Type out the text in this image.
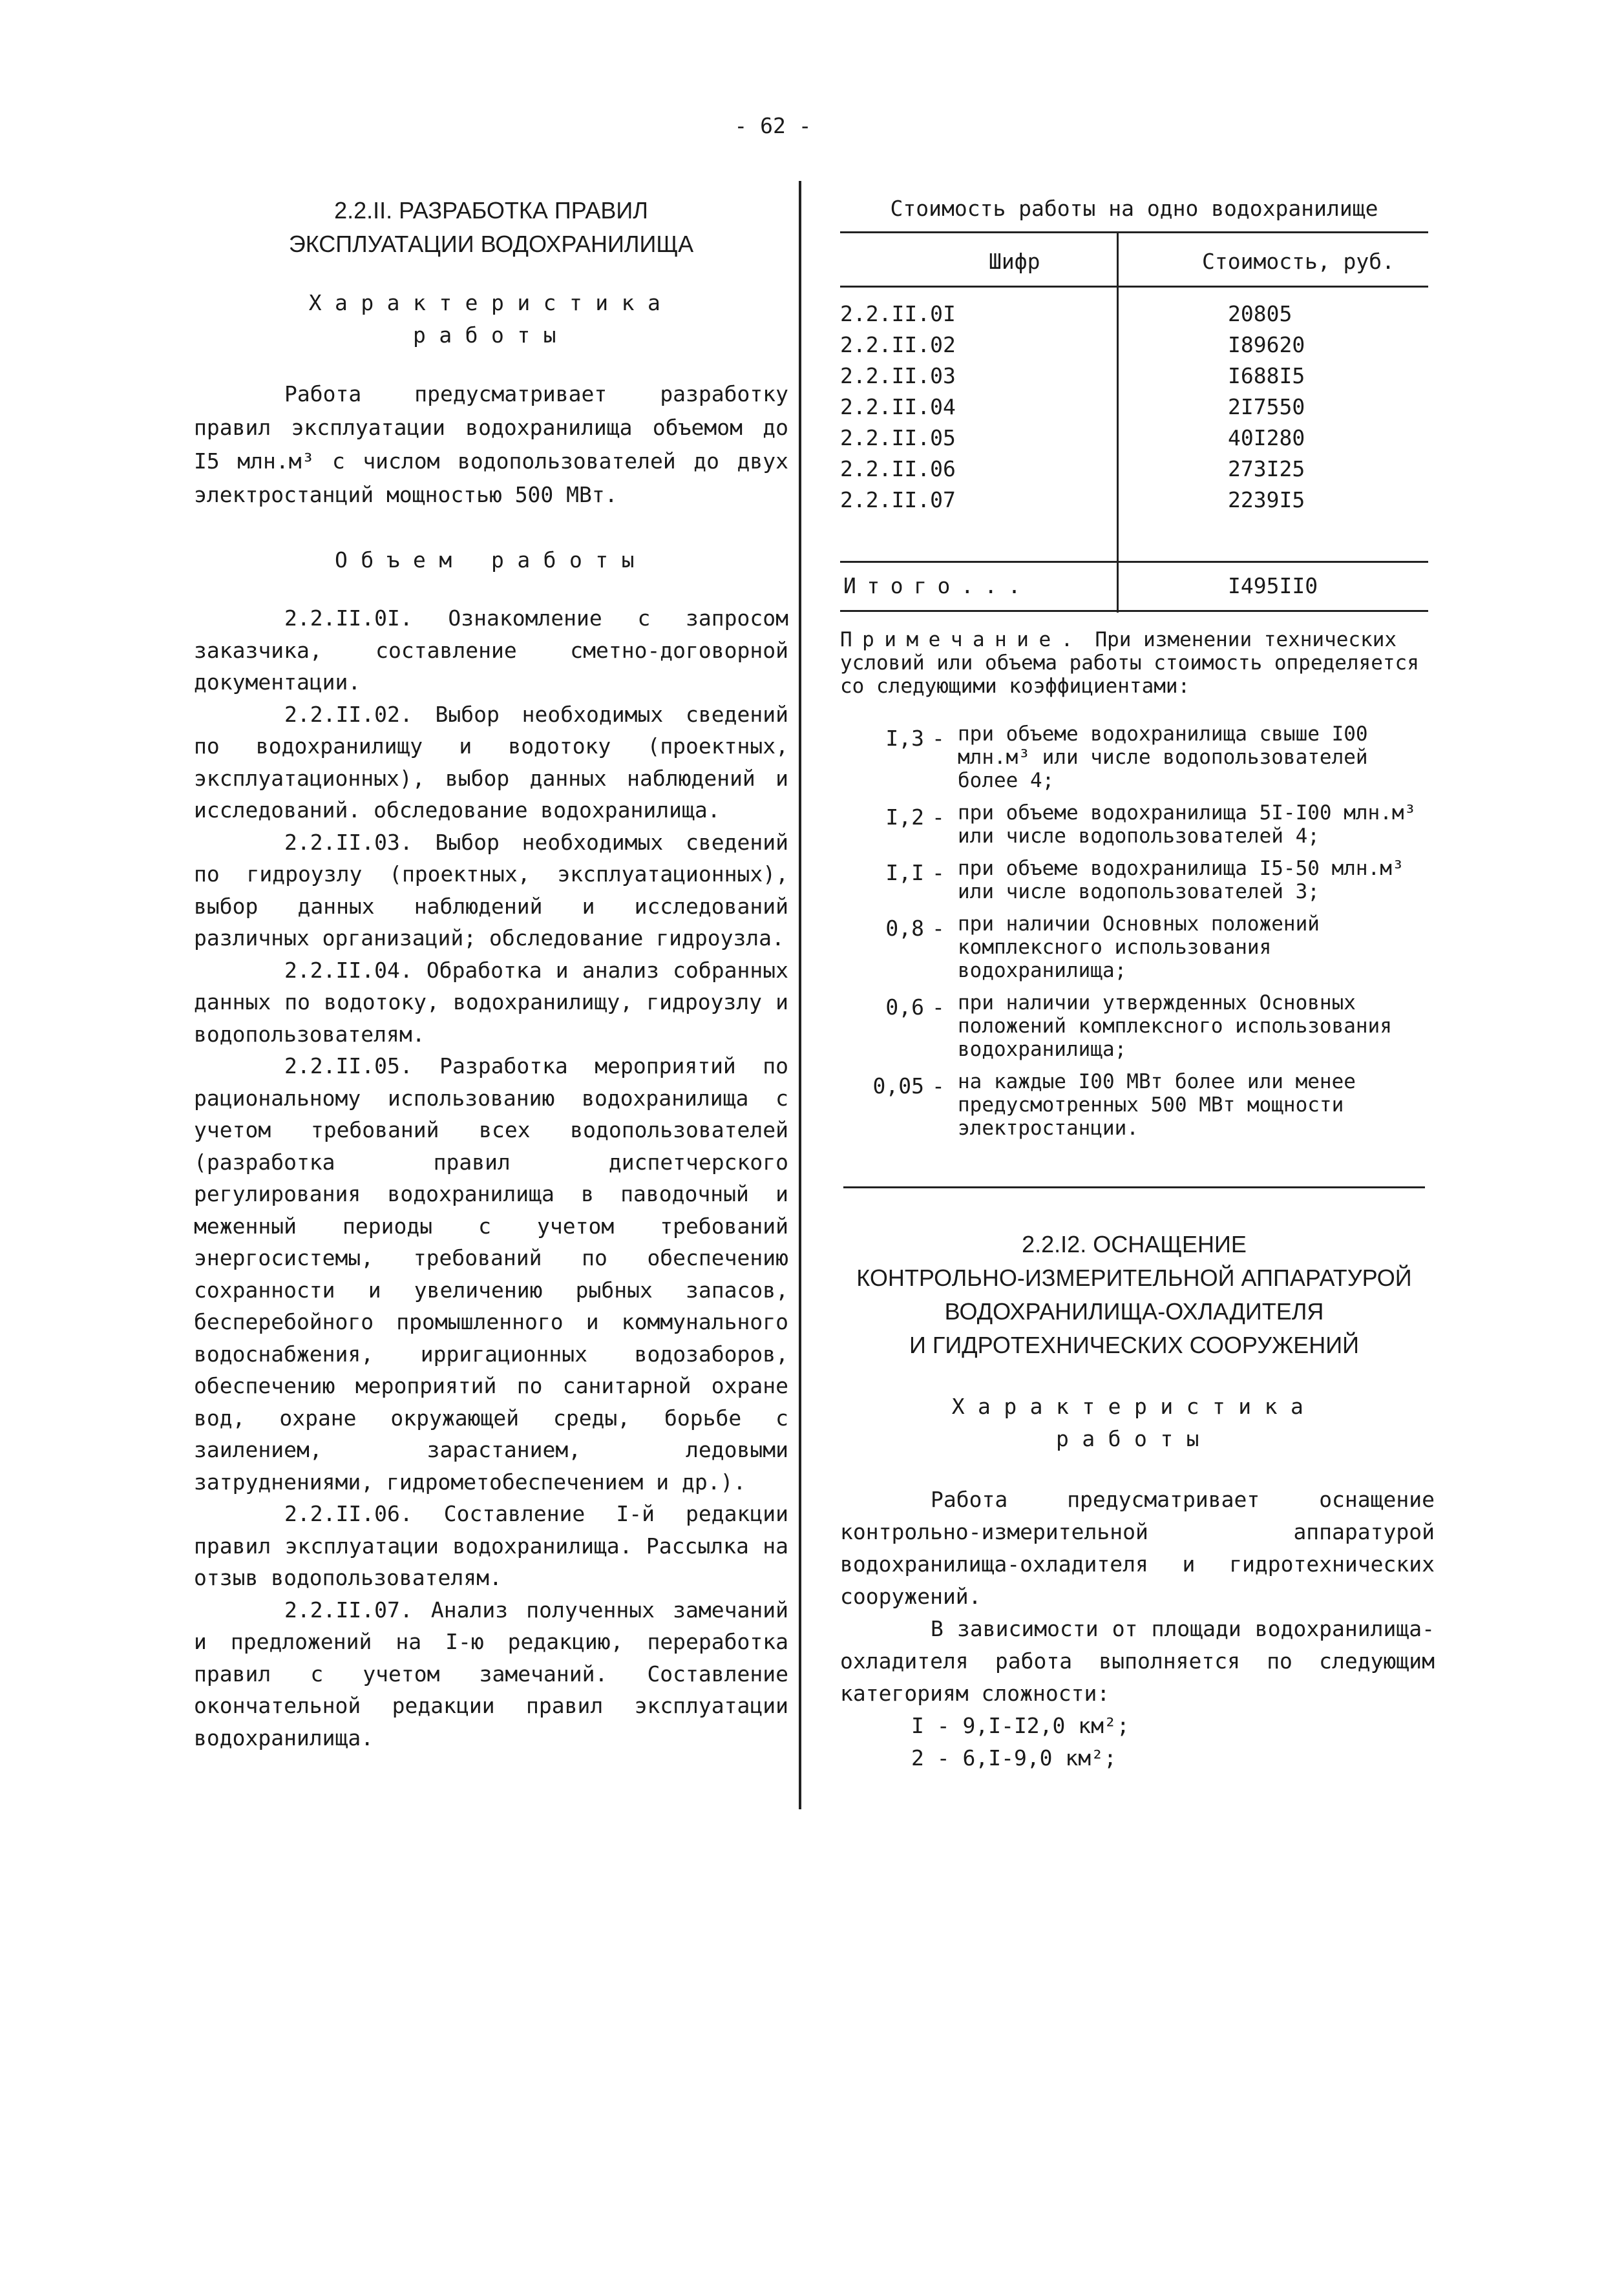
- 62 -
2.2.II. РАЗРАБОТКА ПРАВИЛ
ЭКСПЛУАТАЦИИ ВОДОХРАНИЛИЩА
Характеристика
работы

Работа предусматривает разработку правил эксплуатации водохранилища объемом до I5 млн.м³ с числом водопользователей до двух электростанций мощностью 500 МВт.

Объем работы

2.2.II.0I. Ознакомление с запросом заказчика, составление сметно-договорной документации.

2.2.II.02. Выбор необходимых сведений по водохранилищу и водотоку (проектных, эксплуатационных), выбор данных наблюдений и исследований. обследование водохранилища.

2.2.II.03. Выбор необходимых сведений по гидроузлу (проектных, эксплуатационных), выбор данных наблюдений и исследований различных организаций; обследование гидроузла.

2.2.II.04. Обработка и анализ собранных данных по водотоку, водохранилищу, гидроузлу и водопользователям.

2.2.II.05. Разработка мероприятий по рациональному использованию водохранилища с учетом требований всех водопользователей (разработка правил диспетчерского регулирования водохранилища в паводочный и меженный периоды с учетом требований энергосистемы, требований по обеспечению сохранности и увеличению рыбных запасов, бесперебойного промышленного и коммунального водоснабжения, ирригационных водозаборов, обеспечению мероприятий по санитарной охране вод, охране окружающей среды, борьбе с заилением, зарастанием, ледовыми затруднениями, гидрометобеспечением и др.).

2.2.II.06. Составление I-й редакции правил эксплуатации водохранилища. Рассылка на отзыв водопользователям.

2.2.II.07. Анализ полученных замечаний и предложений на I-ю редакцию, переработка правил с учетом замечаний. Составление окончательной редакции правил эксплуатации водохранилища.

Стоимость работы на одно водохранилище
Шифр	Стоимость, руб.
2.2.II.0I	20805
2.2.II.02	I89620
2.2.II.03	I688I5
2.2.II.04	2I7550
2.2.II.05	40I280
2.2.II.06	273I25
2.2.II.07	2239I5
Итого...	I495II0
Примечание. При изменении технических условий или объема работы стоимость определяется со следующими коэффициентами:
I,3 - при объеме водохранилища свыше I00 млн.м³ или числе водопользователей более 4;
I,2 - при объеме водохранилища 5I-I00 млн.м³ или числе водопользователей 4;
I,I - при объеме водохранилища I5-50 млн.м³ или числе водопользователей 3;
0,8 - при наличии Основных положений комплексного использования водохранилища;
0,6 - при наличии утвержденных Основных положений комплексного использования водохранилища;
0,05 - на каждые I00 МВт более или менее предусмотренных 500 МВт мощности электростанции.
2.2.I2. ОСНАЩЕНИЕ
КОНТРОЛЬНО-ИЗМЕРИТЕЛЬНОЙ АППАРАТУРОЙ
ВОДОХРАНИЛИЩА-ОХЛАДИТЕЛЯ
И ГИДРОТЕХНИЧЕСКИХ СООРУЖЕНИЙ
Характеристика
работы

Работа предусматривает оснащение контрольно-измерительной аппаратурой водохранилища-охладителя и гидротехнических сооружений.

В зависимости от площади водохранилища-охладителя работа выполняется по следующим категориям сложности:

I - 9,I-I2,0 км²;
2 - 6,I-9,0 км²;
